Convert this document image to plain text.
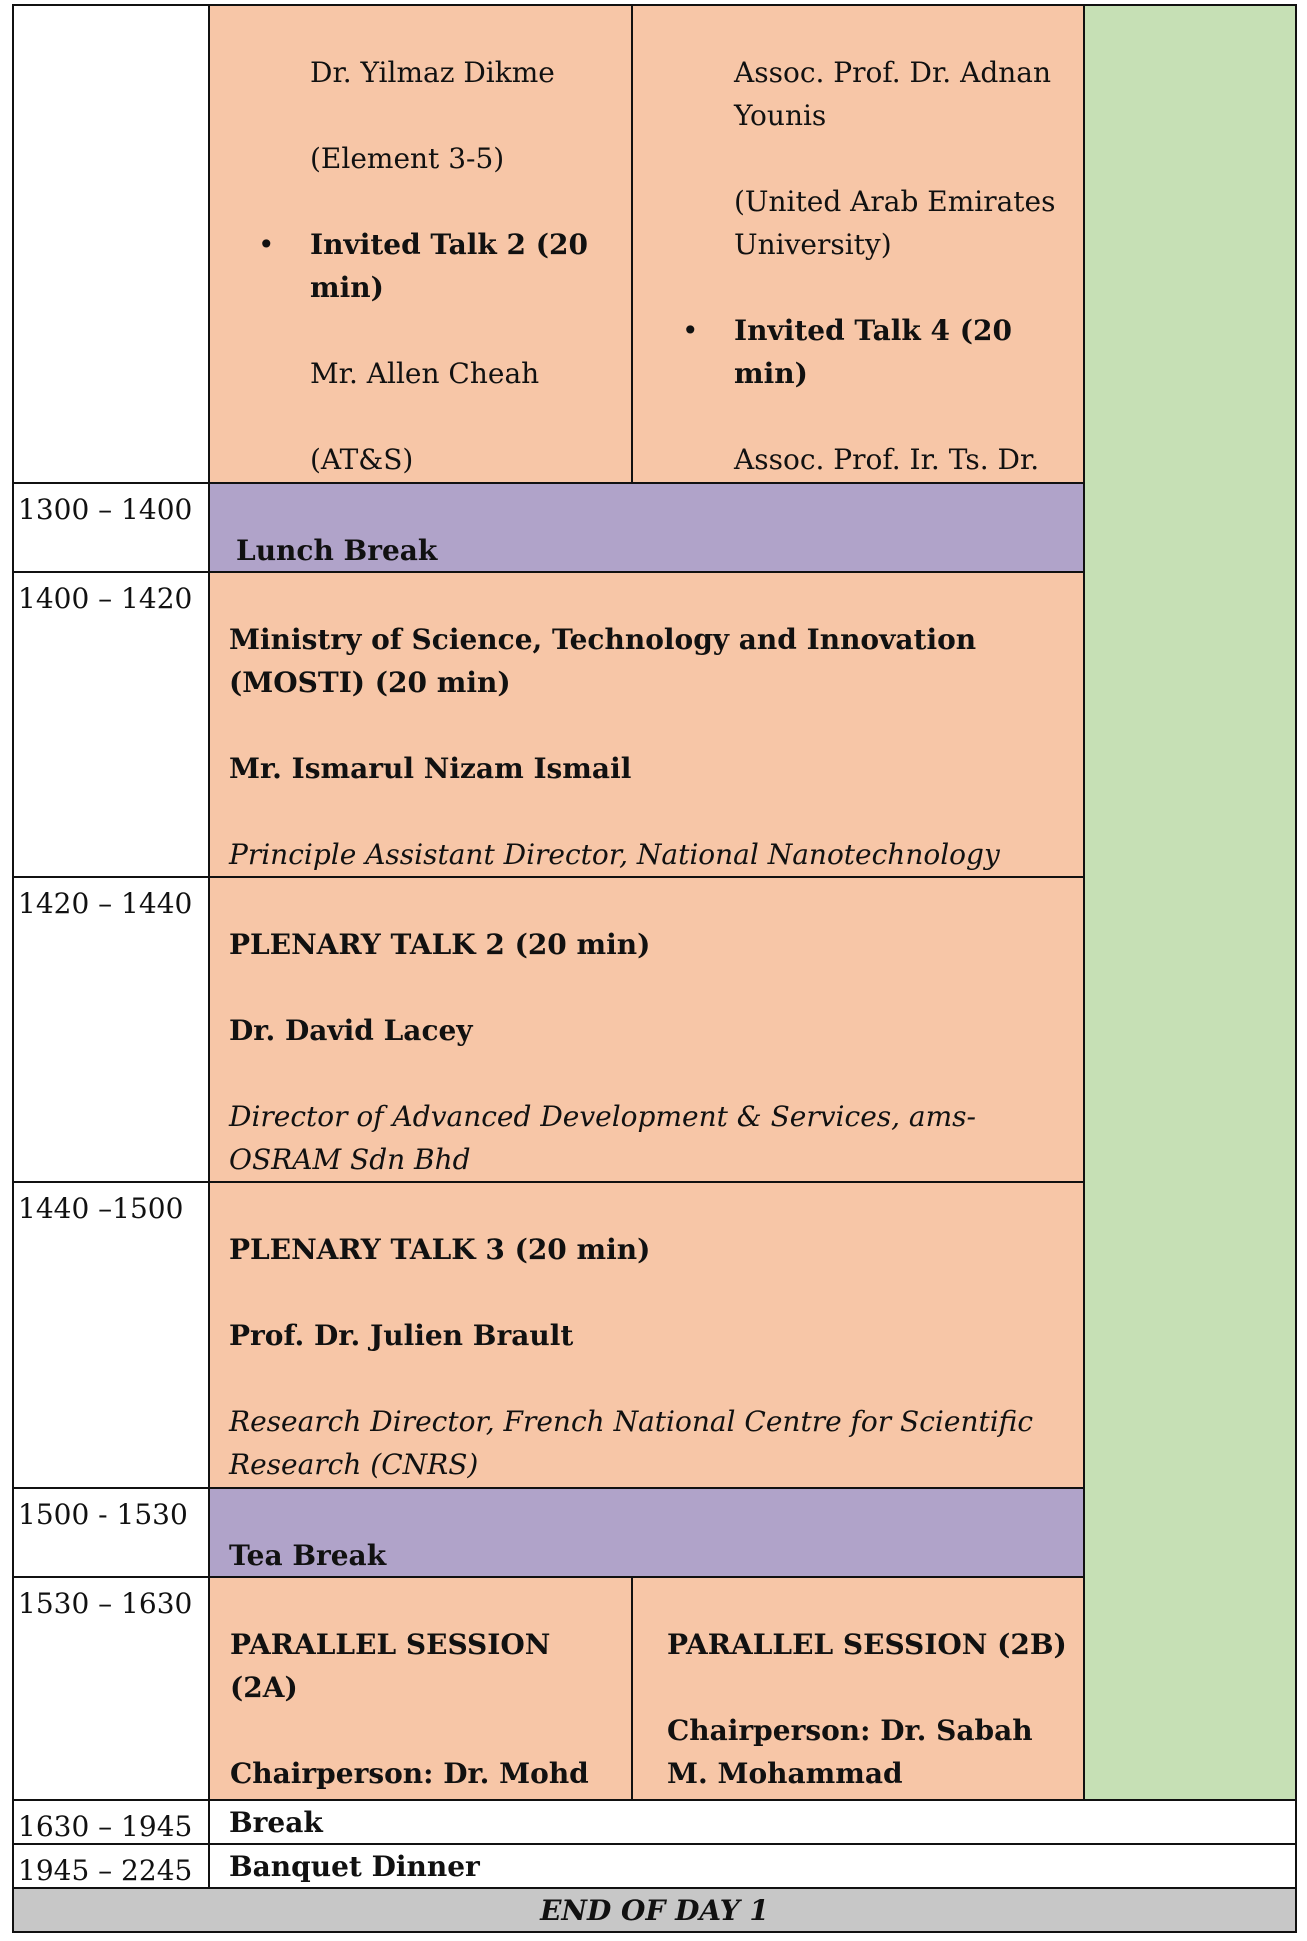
Dr. Yilmaz Dikme

(Element 3-5)

• Invited Talk 2 (20 min)

Mr. Allen Cheah

(AT&S)

Assoc. Prof. Dr. Adnan Younis

(United Arab Emirates University)

• Invited Talk 4 (20 min)

Assoc. Prof. Ir. Ts. Dr.

1300 – 1400

Lunch Break

1400 – 1420

Ministry of Science, Technology and Innovation (MOSTI) (20 min)

Mr. Ismarul Nizam Ismail

Principle Assistant Director, National Nanotechnology

1420 – 1440

PLENARY TALK 2 (20 min)

Dr. David Lacey

Director of Advanced Development & Services, ams-OSRAM Sdn Bhd

1440 –1500

PLENARY TALK 3 (20 min)

Prof. Dr. Julien Brault

Research Director, French National Centre for Scientific Research (CNRS)

1500 - 1530

Tea Break

1530 – 1630

PARALLEL SESSION (2A)

Chairperson: Dr. Mohd

PARALLEL SESSION (2B)

Chairperson: Dr. Sabah M. Mohammad

1630 – 1945	Break
1945 – 2245	Banquet Dinner
END OF DAY 1
